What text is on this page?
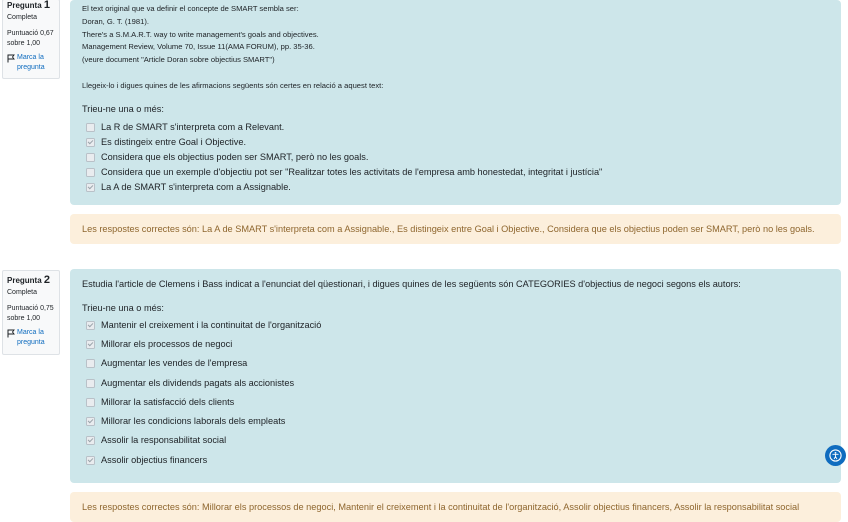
Pregunta 1
Completa
Puntuació 0,67 sobre 1,00
Marca la pregunta
El text original que va definir el concepte de SMART sembla ser:
Doran, G. T. (1981).
There's a S.M.A.R.T. way to write management's goals and objectives.
Management Review, Volume 70, Issue 11(AMA FORUM), pp. 35-36.
(veure document "Article Doran sobre objectius SMART")
Llegeix-lo i digues quines de les afirmacions següents són certes en relació a aquest text:
Trieu-ne una o més:
La R de SMART s'interpreta com a Relevant.
Es distingeix entre Goal i Objective.
Considera que els objectius poden ser SMART, però no les goals.
Considera que un exemple d'objectiu pot ser "Realitzar totes les activitats de l'empresa amb honestedat, integritat i justícia"
La A de SMART s'interpreta com a Assignable.
Les respostes correctes són: La A de SMART s'interpreta com a Assignable., Es distingeix entre Goal i Objective., Considera que els objectius poden ser SMART, però no les goals.
Pregunta 2
Completa
Puntuació 0,75 sobre 1,00
Marca la pregunta
Estudia l'article de Clemens i Bass indicat a l'enunciat del qüestionari, i digues quines de les següents són CATEGORIES d'objectius de negoci segons els autors:
Trieu-ne una o més:
Mantenir el creixement i la continuitat de l'organització
Millorar els processos de negoci
Augmentar les vendes de l'empresa
Augmentar els dividends pagats als accionistes
Millorar la satisfacció dels clients
Millorar les condicions laborals dels empleats
Assolir la responsabilitat social
Assolir objectius financers
Les respostes correctes són: Millorar els processos de negoci, Mantenir el creixement i la continuitat de l'organització, Assolir objectius financers, Assolir la responsabilitat social
